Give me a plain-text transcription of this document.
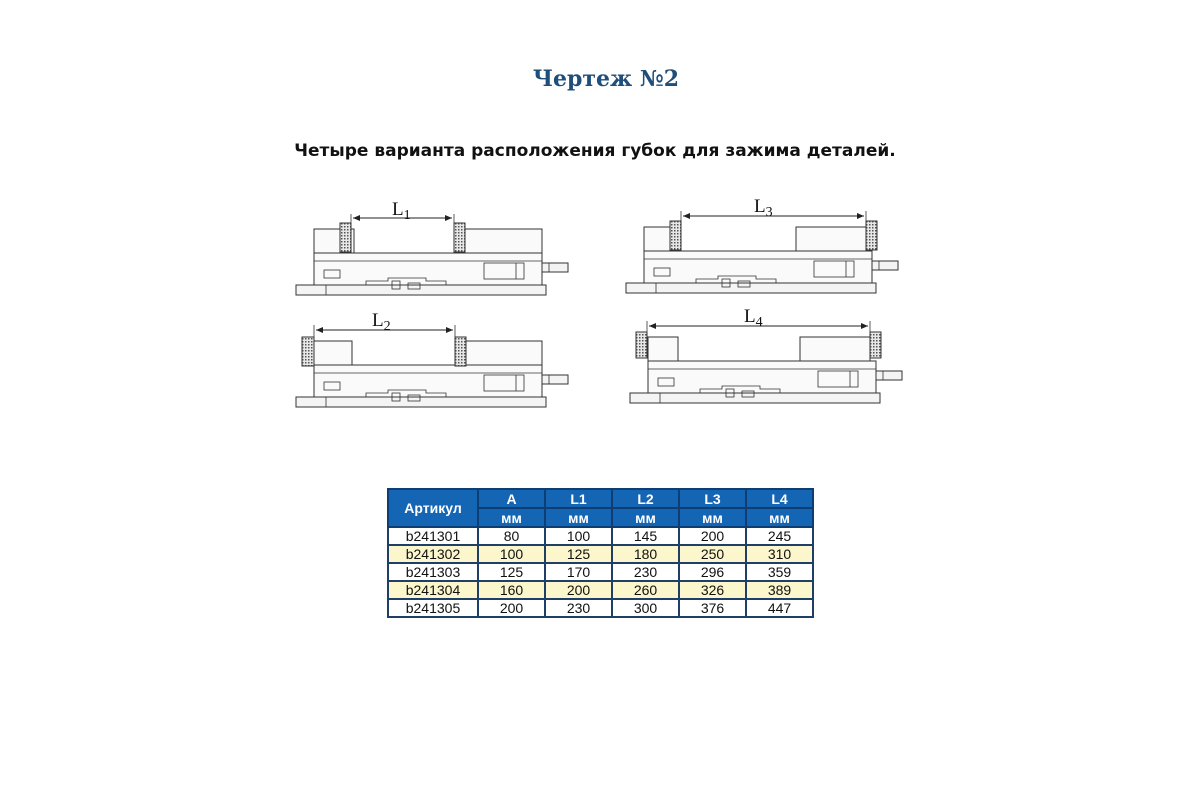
Чертеж №2
Четыре варианта расположения губок для зажима деталей.
$L_1$	$L_3$
$L_2$	$L_4$
Артикул	A	L1	L2	L3	L4
	мм	мм	мм	мм	мм
b241301	80	100	145	200	245
b241302	100	125	180	250	310
b241303	125	170	230	296	359
b241304	160	200	260	326	389
b241305	200	230	300	376	447
